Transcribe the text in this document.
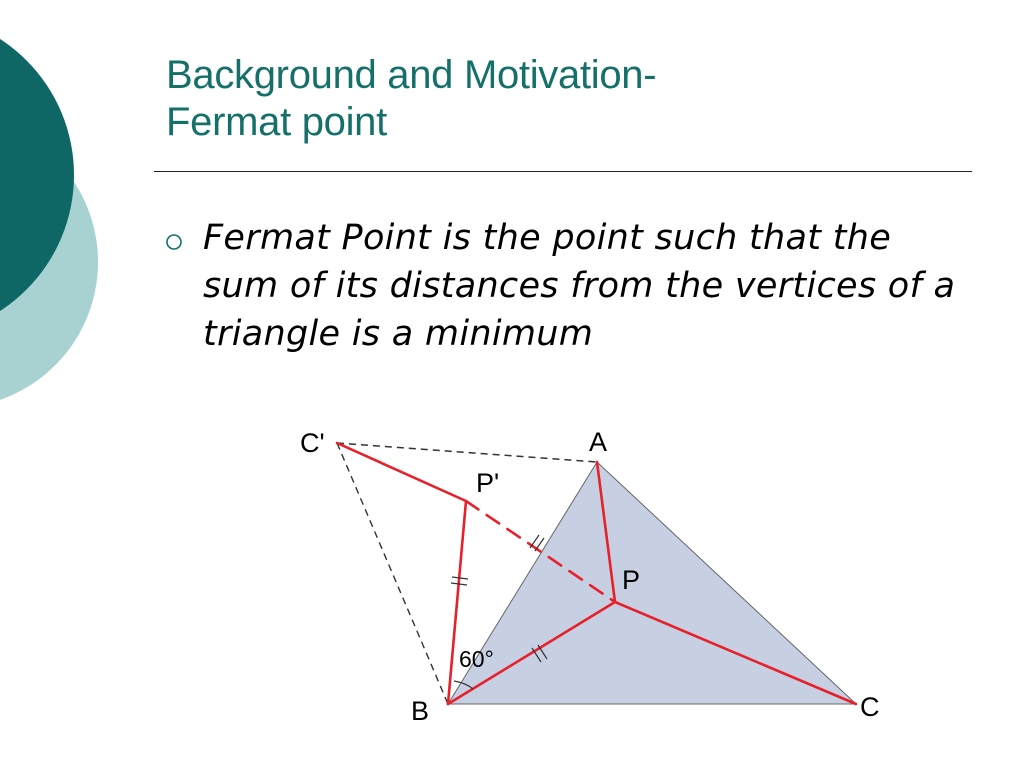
Background and Motivation-
Fermat point
Fermat Point is the point such that the sum of its distances from the vertices of a triangle is a minimum
C'	A
P'
P
60°
B	C
